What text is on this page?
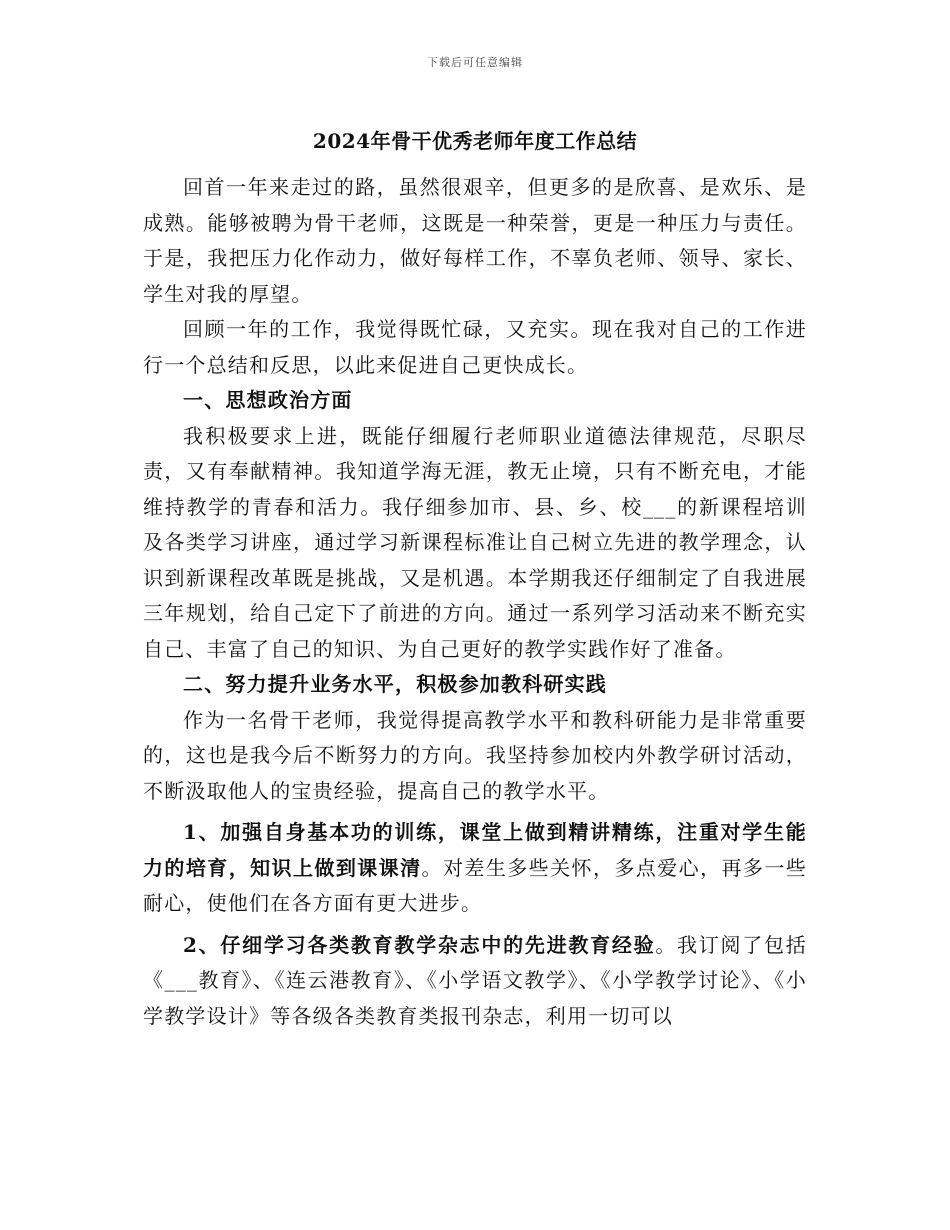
下载后可任意编辑
2024年骨干优秀老师年度工作总结

回首一年来走过的路，虽然很艰辛，但更多的是欣喜、是欢乐、是成熟。能够被聘为骨干老师，这既是一种荣誉，更是一种压力与责任。于是，我把压力化作动力，做好每样工作，不辜负老师、领导、家长、学生对我的厚望。

回顾一年的工作，我觉得既忙碌，又充实。现在我对自己的工作进行一个总结和反思，以此来促进自己更快成长。

一、思想政治方面

我积极要求上进，既能仔细履行老师职业道德法律规范，尽职尽责，又有奉献精神。我知道学海无涯，教无止境，只有不断充电，才能维持教学的青春和活力。我仔细参加市、县、乡、校___的新课程培训及各类学习讲座，通过学习新课程标准让自己树立先进的教学理念，认识到新课程改革既是挑战，又是机遇。本学期我还仔细制定了自我进展三年规划，给自己定下了前进的方向。通过一系列学习活动来不断充实自己、丰富了自己的知识、为自己更好的教学实践作好了准备。

二、努力提升业务水平，积极参加教科研实践

作为一名骨干老师，我觉得提高教学水平和教科研能力是非常重要的，这也是我今后不断努力的方向。我坚持参加校内外教学研讨活动，不断汲取他人的宝贵经验，提高自己的教学水平。

1、加强自身基本功的训练，课堂上做到精讲精练，注重对学生能力的培育，知识上做到课课清。对差生多些关怀，多点爱心，再多一些耐心，使他们在各方面有更大进步。

2、仔细学习各类教育教学杂志中的先进教育经验。我订阅了包括《___教育》、《连云港教育》、《小学语文教学》、《小学教学讨论》、《小学教学设计》等各级各类教育类报刊杂志，利用一切可以
